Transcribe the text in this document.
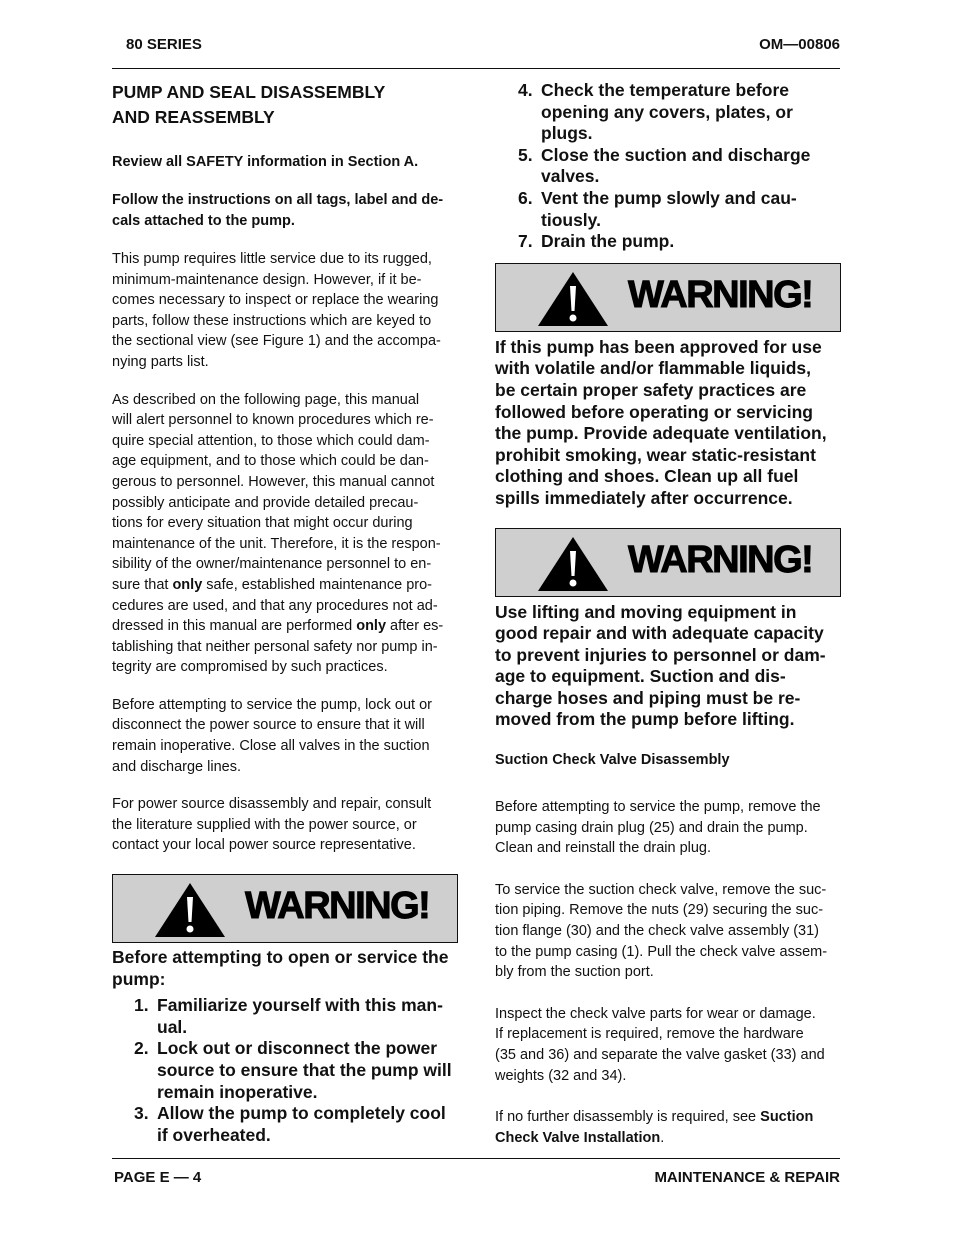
80 SERIES	OM—00806
PUMP AND SEAL DISASSEMBLY
AND REASSEMBLY

Review all SAFETY information in Section A.

Follow the instructions on all tags, label and de-
cals attached to the pump.
This pump requires little service due to its rugged,
minimum-maintenance design. However, if it be-
comes necessary to inspect or replace the wearing
parts, follow these instructions which are keyed to
the sectional view (see Figure 1) and the accompa-
nying parts list.
As described on the following page, this manual
will alert personnel to known procedures which re-
quire special attention, to those which could dam-
age equipment, and to those which could be dan-
gerous to personnel. However, this manual cannot
possibly anticipate and provide detailed precau-
tions for every situation that might occur during
maintenance of the unit. Therefore, it is the respon-
sibility of the owner/maintenance personnel to en-
sure that only safe, established maintenance pro-
cedures are used, and that any procedures not ad-
dressed in this manual are performed only after es-
tablishing that neither personal safety nor pump in-
tegrity are compromised by such practices.
Before attempting to service the pump, lock out or
disconnect the power source to ensure that it will
remain inoperative. Close all valves in the suction
and discharge lines.
For power source disassembly and repair, consult
the literature supplied with the power source, or
contact your local power source representative.
WARNING!
Before attempting to open or service the
pump:
1. Familiarize yourself with this man-
ual.
2. Lock out or disconnect the power
source to ensure that the pump will
remain inoperative.
3. Allow the pump to completely cool
if overheated.
4. Check the temperature before
opening any covers, plates, or
plugs.
5. Close the suction and discharge
valves.
6. Vent the pump slowly and cau-
tiously.
7. Drain the pump.
WARNING!
If this pump has been approved for use
with volatile and/or flammable liquids,
be certain proper safety practices are
followed before operating or servicing
the pump. Provide adequate ventilation,
prohibit smoking, wear static-resistant
clothing and shoes. Clean up all fuel
spills immediately after occurrence.
WARNING!
Use lifting and moving equipment in
good repair and with adequate capacity
to prevent injuries to personnel or dam-
age to equipment. Suction and dis-
charge hoses and piping must be re-
moved from the pump before lifting.

Suction Check Valve Disassembly

Before attempting to service the pump, remove the
pump casing drain plug (25) and drain the pump.
Clean and reinstall the drain plug.
To service the suction check valve, remove the suc-
tion piping. Remove the nuts (29) securing the suc-
tion flange (30) and the check valve assembly (31)
to the pump casing (1). Pull the check valve assem-
bly from the suction port.
Inspect the check valve parts for wear or damage.
If replacement is required, remove the hardware
(35 and 36) and separate the valve gasket (33) and
weights (32 and 34).
If no further disassembly is required, see Suction
Check Valve Installation.
PAGE E — 4	MAINTENANCE & REPAIR
